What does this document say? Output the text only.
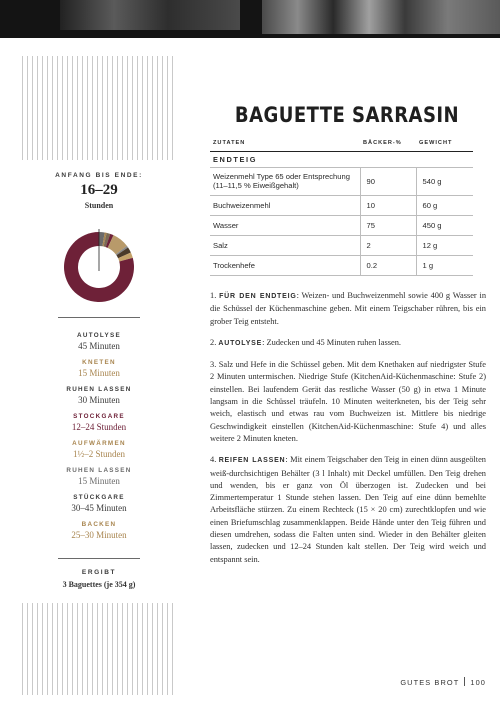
ANFANG BIS ENDE:
16–29
Stunden
AUTOLYSE
45 Minuten
KNETEN
15 Minuten
RUHEN LASSEN
30 Minuten
STOCKGARE
12–24 Stunden
AUFWÄRMEN
1½–2 Stunden
RUHEN LASSEN
15 Minuten
STÜCKGARE
30–45 Minuten
BACKEN
25–30 Minuten
ERGIBT
3 Baguettes (je 354 g)
BAGUETTE SARRASIN
ZUTATEN	BÄCKER-%	GEWICHT
ENDTEIG		
Weizenmehl Type 65 oder Entsprechung (11–11,5 % Eiweißgehalt)	90	540 g
Buchweizenmehl	10	60 g
Wasser	75	450 g
Salz	2	12 g
Trockenhefe	0.2	1 g

1. FÜR DEN ENDTEIG: Weizen- und Buchweizenmehl sowie 400 g Wasser in die Schüssel der Küchenmaschine geben. Mit einem Teigschaber rühren, bis ein grober Teig entsteht.

2. AUTOLYSE: Zudecken und 45 Minuten ruhen lassen.

3. Salz und Hefe in die Schüssel geben. Mit dem Knethaken auf niedrigster Stufe 2 Minuten untermischen. Niedrige Stufe (KitchenAid-Küchenmaschine: Stufe 2) einstellen. Bei laufendem Gerät das restliche Wasser (50 g) in etwa 1 Minute langsam in die Schüssel träufeln. 10 Minuten weiterkneten, bis der Teig sehr weich, elastisch und etwas rau vom Buchweizen ist. Mittlere bis niedrige Geschwindigkeit einstellen (KitchenAid-Küchenmaschine: Stufe 4) und alles weitere 2 Minuten kneten.

4. REIFEN LASSEN: Mit einem Teigschaber den Teig in einen dünn ausgeölten weiß-durchsichtigen Behälter (3 l Inhalt) mit Deckel umfüllen. Den Teig drehen und wenden, bis er ganz von Öl überzogen ist. Zudecken und bei Zimmertemperatur 1 Stunde stehen lassen. Den Teig auf eine dünn bemehlte Arbeitsfläche stürzen. Zu einem Rechteck (15 × 20 cm) zurechtklopfen und wie einen Briefumschlag zusammenklappen. Beide Hände unter den Teig führen und diesen umdrehen, sodass die Falten unten sind. Wieder in den Behälter gleiten lassen, zudecken und 12–24 Stunden kalt stellen. Der Teig wird weich und entspannt sein.

GUTES BROT 100
